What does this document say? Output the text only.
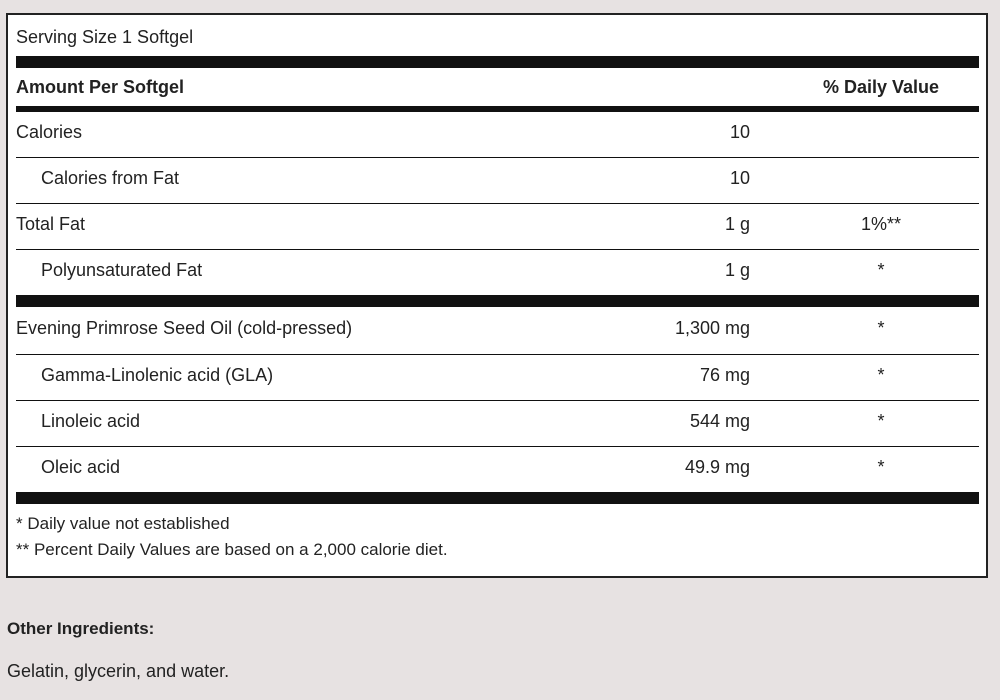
Serving Size 1 Softgel
Amount Per Softgel	% Daily Value
Calories	10
Calories from Fat	10
Total Fat	1 g	1%**
Polyunsaturated Fat	1 g	*
Evening Primrose Seed Oil (cold-pressed)	1,300 mg	*
Gamma-Linolenic acid (GLA)	76 mg	*
Linoleic acid	544 mg	*
Oleic acid	49.9 mg	*
* Daily value not established
** Percent Daily Values are based on a 2,000 calorie diet.
Other Ingredients:
Gelatin, glycerin, and water.
